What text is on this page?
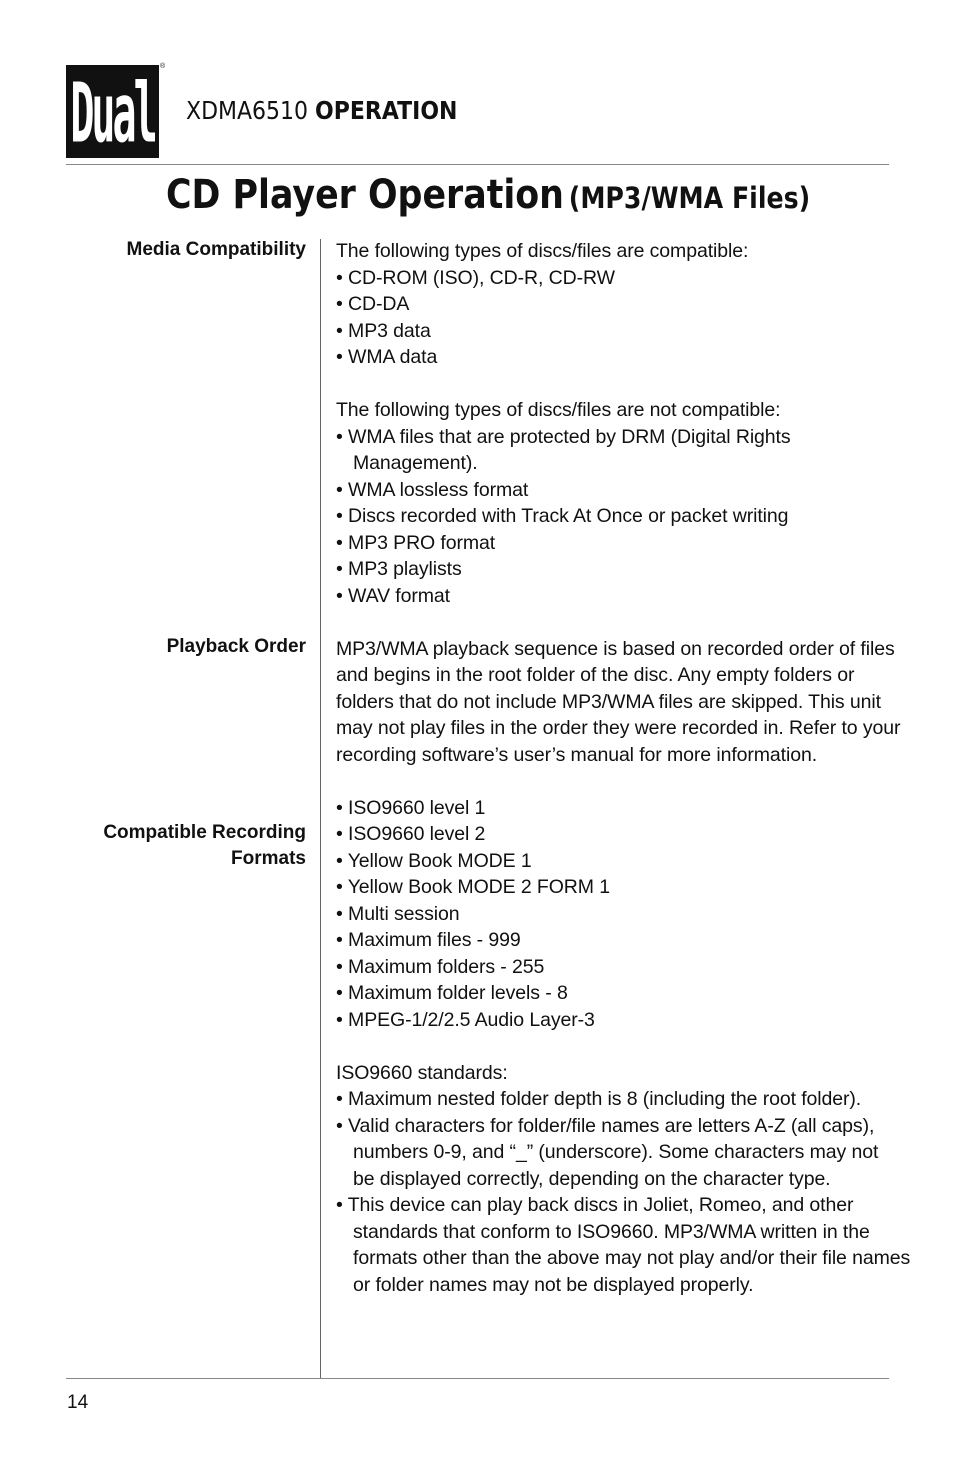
Dual
®
XDMA6510 OPERATION
CD Player Operation (MP3/WMA Files)
Media Compatibility
Playback Order
Compatible Recording
Formats

The following types of discs/files are compatible:

• CD-ROM (ISO), CD-R, CD-RW
• CD-DA
• MP3 data
• WMA data

The following types of discs/files are not compatible:

• WMA files that are protected by DRM (Digital Rights Management).
• WMA lossless format
• Discs recorded with Track At Once or packet writing
• MP3 PRO format
• MP3 playlists
• WAV format

MP3/WMA playback sequence is based on recorded order of files and begins in the root folder of the disc. Any empty folders or folders that do not include MP3/WMA files are skipped. This unit may not play files in the order they were recorded in. Refer to your recording software’s user’s manual for more information.

• ISO9660 level 1
• ISO9660 level 2
• Yellow Book MODE 1
• Yellow Book MODE 2 FORM 1
• Multi session
• Maximum files - 999
• Maximum folders - 255
• Maximum folder levels - 8
• MPEG-1/2/2.5 Audio Layer-3

ISO9660 standards:

• Maximum nested folder depth is 8 (including the root folder).
• Valid characters for folder/file names are letters A-Z (all caps), numbers 0-9, and “_” (underscore). Some characters may not be displayed correctly, depending on the character type.
• This device can play back discs in Joliet, Romeo, and other standards that conform to ISO9660. MP3/WMA written in the formats other than the above may not play and/or their file names or folder names may not be displayed properly.
14
